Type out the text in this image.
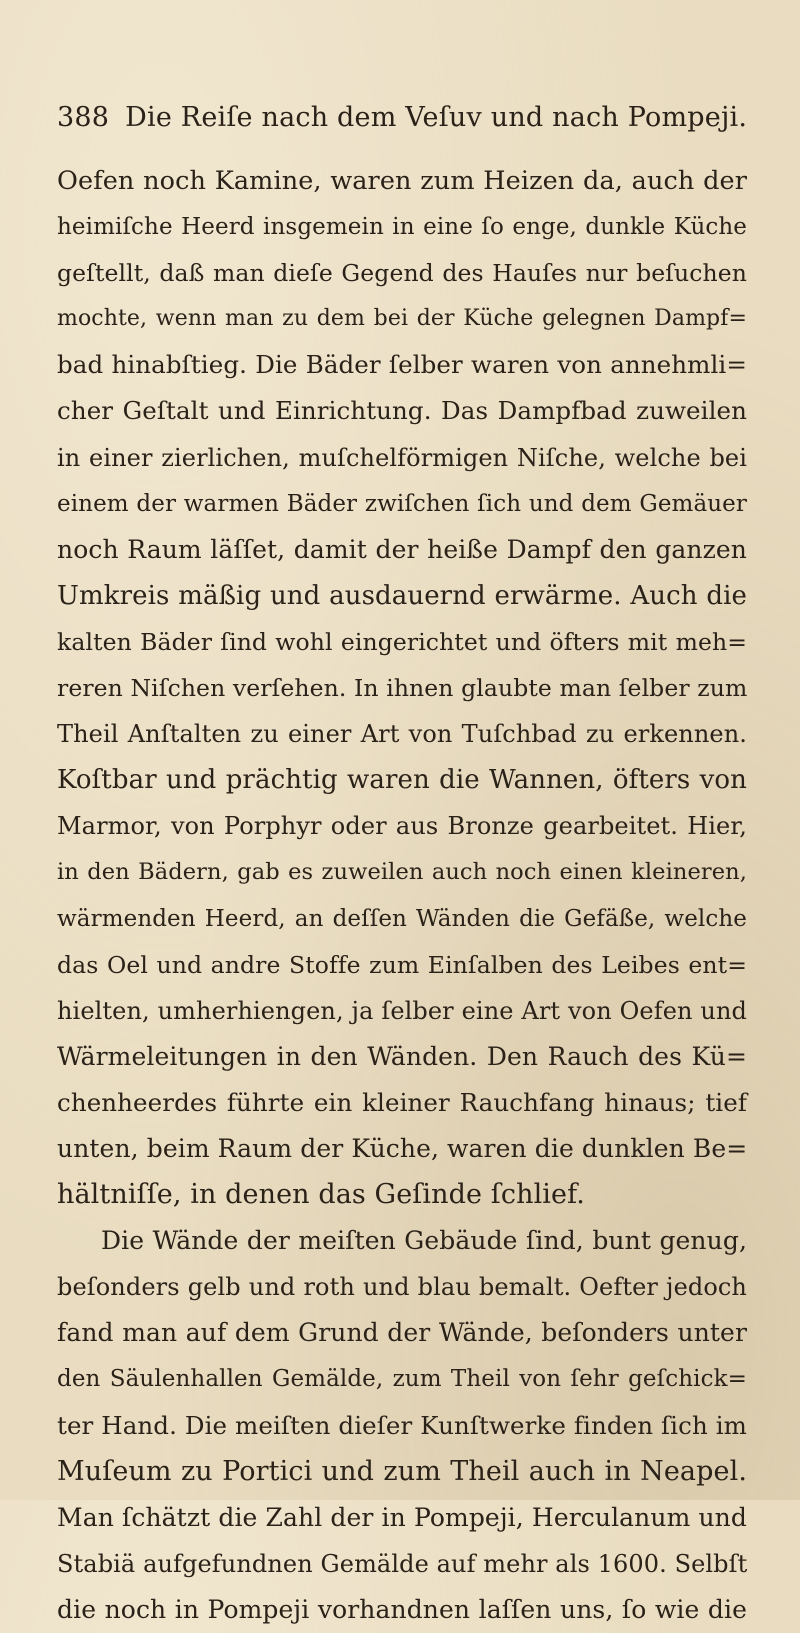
388 Die Reiſe nach dem Veſuv und nach Pompeji.
Oefen noch Kamine, waren zum Heizen da, auch der
heimiſche Heerd insgemein in eine ſo enge, dunkle Küche
geſtellt, daß man dieſe Gegend des Hauſes nur beſuchen
mochte, wenn man zu dem bei der Küche gelegnen Dampf=
bad hinabſtieg. Die Bäder ſelber waren von annehmli=
cher Geſtalt und Einrichtung. Das Dampfbad zuweilen
in einer zierlichen, muſchelförmigen Niſche, welche bei
einem der warmen Bäder zwiſchen ſich und dem Gemäuer
noch Raum läſſet, damit der heiße Dampf den ganzen
Umkreis mäßig und ausdauernd erwärme. Auch die
kalten Bäder ſind wohl eingerichtet und öfters mit meh=
reren Niſchen verſehen. In ihnen glaubte man ſelber zum
Theil Anſtalten zu einer Art von Tuſchbad zu erkennen.
Koſtbar und prächtig waren die Wannen, öfters von
Marmor, von Porphyr oder aus Bronze gearbeitet. Hier,
in den Bädern, gab es zuweilen auch noch einen kleineren,
wärmenden Heerd, an deſſen Wänden die Gefäße, welche
das Oel und andre Stoffe zum Einſalben des Leibes ent=
hielten, umherhiengen, ja ſelber eine Art von Oefen und
Wärmeleitungen in den Wänden. Den Rauch des Kü=
chenheerdes führte ein kleiner Rauchfang hinaus; tief
unten, beim Raum der Küche, waren die dunklen Be=
hältniſſe, in denen das Geſinde ſchlief.
Die Wände der meiſten Gebäude ſind, bunt genug,
beſonders gelb und roth und blau bemalt. Oefter jedoch
fand man auf dem Grund der Wände, beſonders unter
den Säulenhallen Gemälde, zum Theil von ſehr geſchick=
ter Hand. Die meiſten dieſer Kunſtwerke finden ſich im
Muſeum zu Portici und zum Theil auch in Neapel.
Man ſchätzt die Zahl der in Pompeji, Herculanum und
Stabiä aufgefundnen Gemälde auf mehr als 1600. Selbſt
die noch in Pompeji vorhandnen laſſen uns, ſo wie die
